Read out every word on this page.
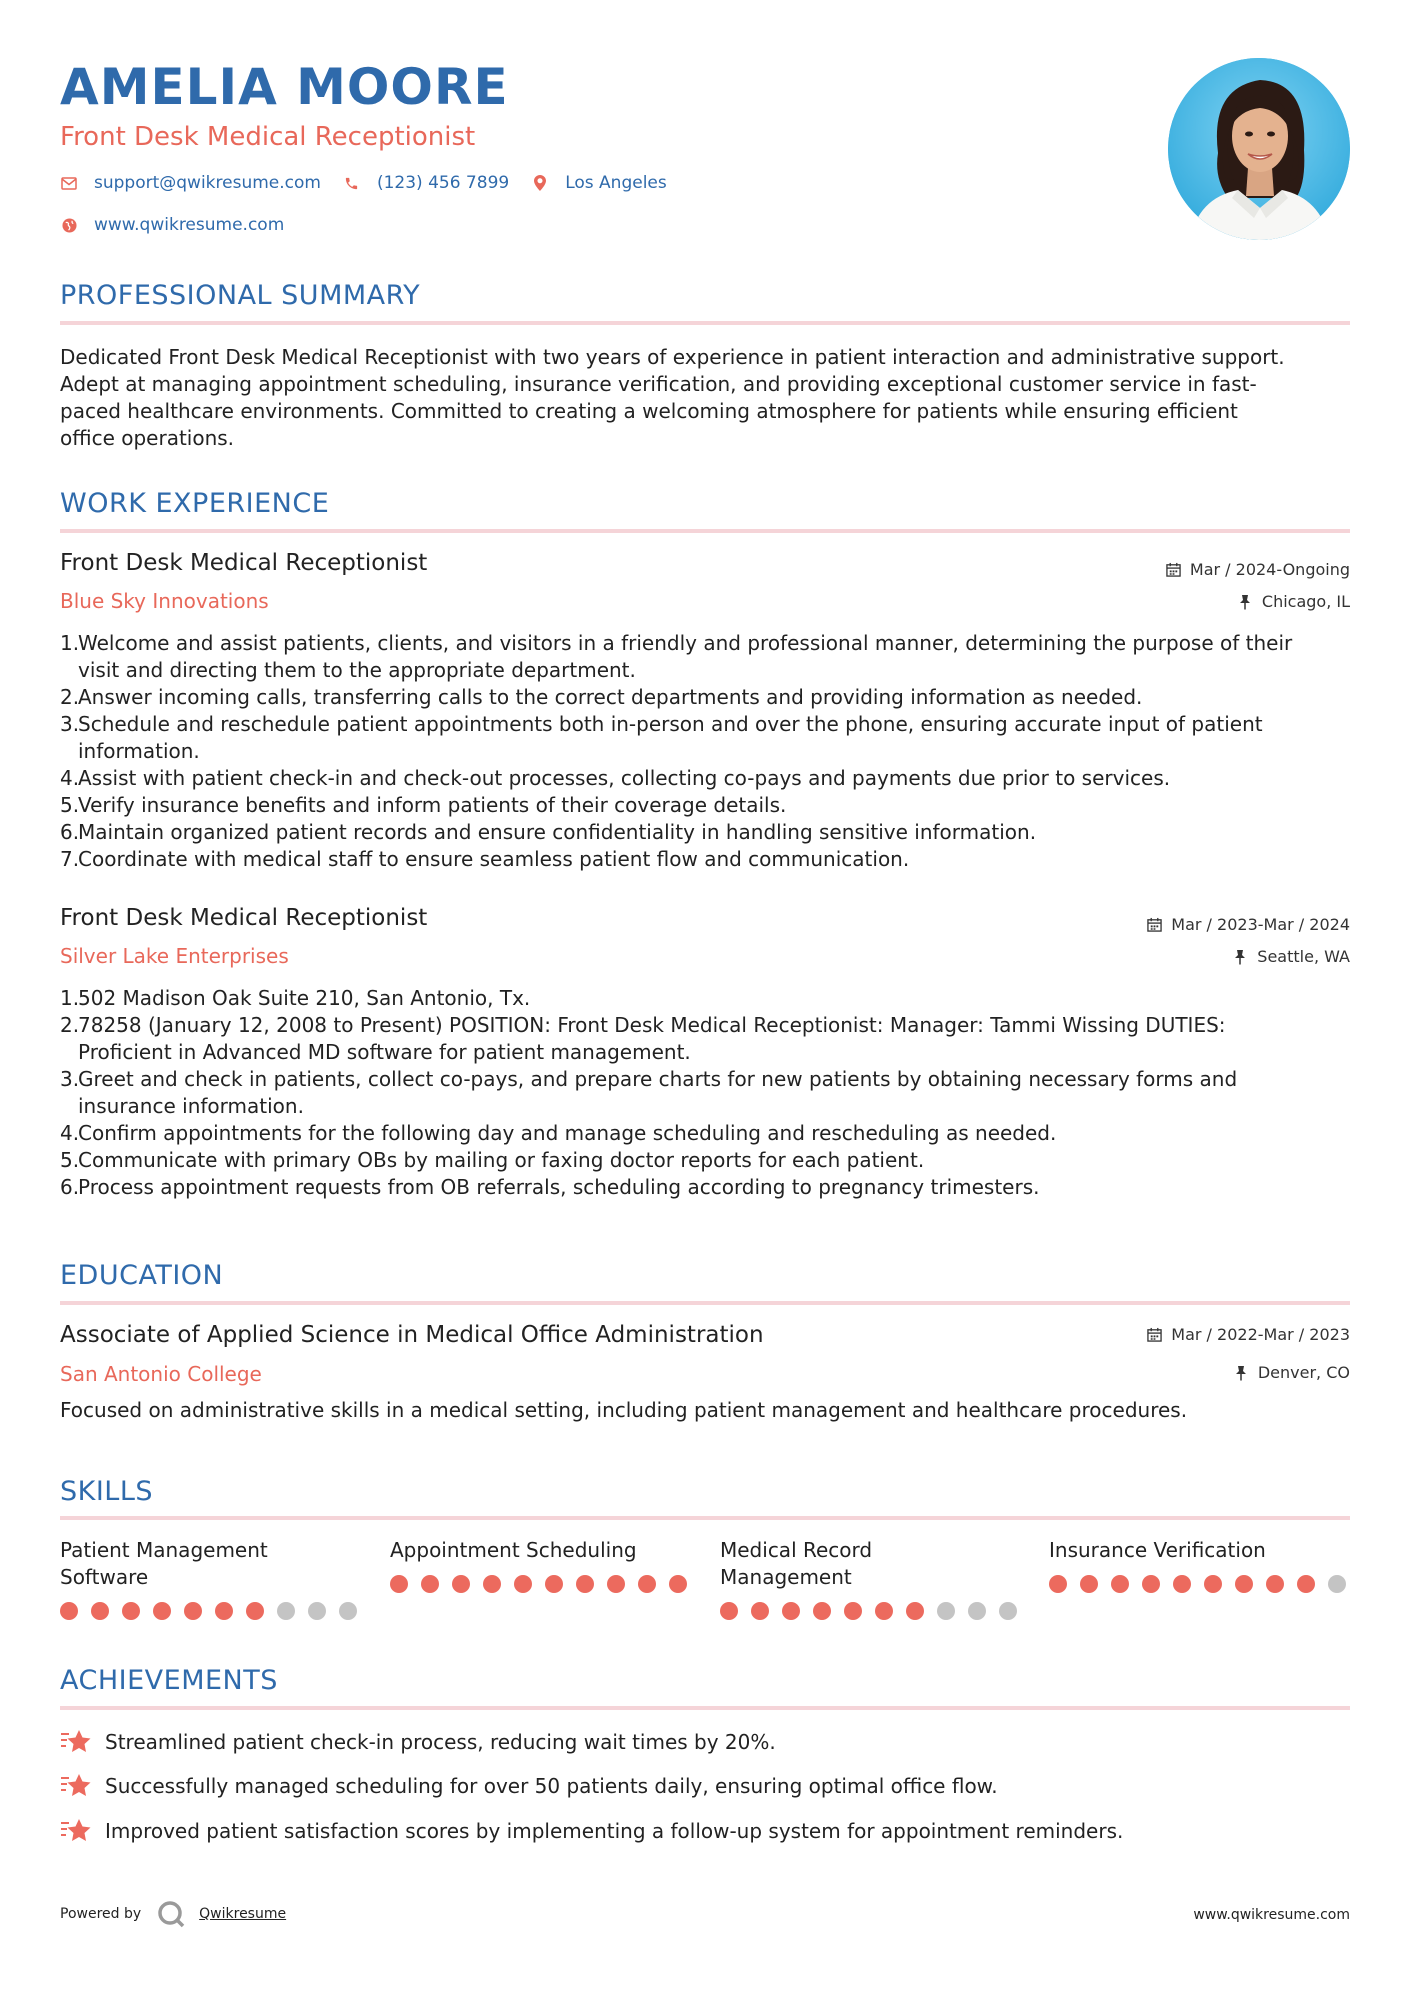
AMELIA MOORE
Front Desk Medical Receptionist
support@qwikresume.com	(123) 456 7899	Los Angeles
www.qwikresume.com
PROFESSIONAL SUMMARY
Dedicated Front Desk Medical Receptionist with two years of experience in patient interaction and administrative support.
Adept at managing appointment scheduling, insurance verification, and providing exceptional customer service in fast-
paced healthcare environments. Committed to creating a welcoming atmosphere for patients while ensuring efficient
office operations.
WORK EXPERIENCE
Front Desk Medical Receptionist
Blue Sky Innovations
Mar / 2024-Ongoing
Chicago, IL
1.
Welcome and assist patients, clients, and visitors in a friendly and professional manner, determining the purpose of their
visit and directing them to the appropriate department.
2.
Answer incoming calls, transferring calls to the correct departments and providing information as needed.
3.
Schedule and reschedule patient appointments both in-person and over the phone, ensuring accurate input of patient
information.
4.
Assist with patient check-in and check-out processes, collecting co-pays and payments due prior to services.
5.
Verify insurance benefits and inform patients of their coverage details.
6.
Maintain organized patient records and ensure confidentiality in handling sensitive information.
7.
Coordinate with medical staff to ensure seamless patient flow and communication.
Front Desk Medical Receptionist
Silver Lake Enterprises
Mar / 2023-Mar / 2024
Seattle, WA
1.
502 Madison Oak Suite 210, San Antonio, Tx.
2.
78258 (January 12, 2008 to Present) POSITION: Front Desk Medical Receptionist: Manager: Tammi Wissing DUTIES:
Proficient in Advanced MD software for patient management.
3.
Greet and check in patients, collect co-pays, and prepare charts for new patients by obtaining necessary forms and
insurance information.
4.
Confirm appointments for the following day and manage scheduling and rescheduling as needed.
5.
Communicate with primary OBs by mailing or faxing doctor reports for each patient.
6.
Process appointment requests from OB referrals, scheduling according to pregnancy trimesters.
EDUCATION
Associate of Applied Science in Medical Office Administration
San Antonio College
Mar / 2022-Mar / 2023
Denver, CO
Focused on administrative skills in a medical setting, including patient management and healthcare procedures.
SKILLS
Patient Management
Software
Appointment Scheduling	Medical Record
Management
Insurance Verification
ACHIEVEMENTS
Streamlined patient check-in process, reducing wait times by 20%.
Successfully managed scheduling for over 50 patients daily, ensuring optimal office flow.
Improved patient satisfaction scores by implementing a follow-up system for appointment reminders.
Powered by	Qwikresume	www.qwikresume.com
